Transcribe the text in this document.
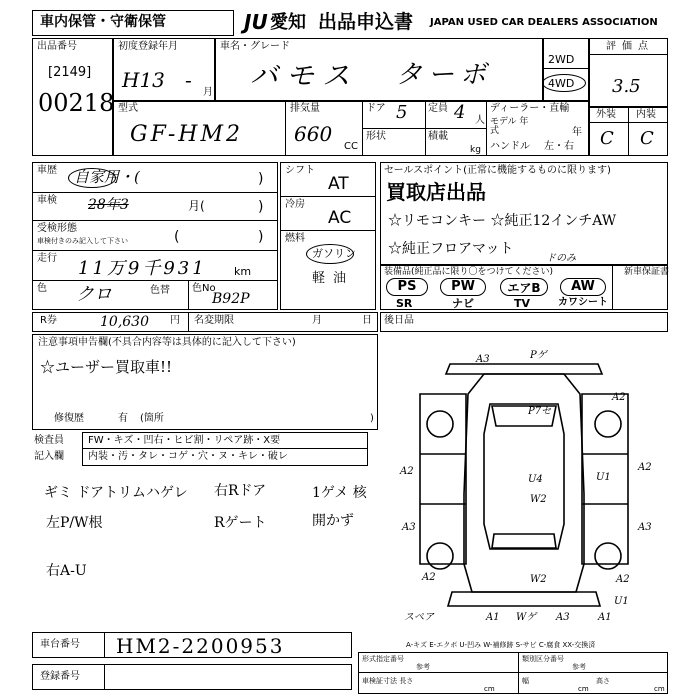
車内保管・守衛保管	JU 愛知 出品申込書 JAPAN USED CAR DEALERS ASSOCIATION
出品番号
[2149]
00218
初度登録年月
H13 -
月
車名・グレード
バモス ターボ
2WD
4WD
評価点
3.5
型式
GF-HM2
排気量
660
CC
ドア 5 定員 4 人
形状	積載
kg
ディーラー・直輸
モデル 年式	年
ハンドル 左・右
外装 内装
C C
車歴 自家用・(	)
車検 28年3	月(	)
受検形態
車検付きのみ記入して下さい	(	)
走行 11万9千931 km
色 クロ	色替 色No
B92P
シフト
AT
冷房
AC
燃料
ガソリン
軽油
セールスポイント(正常に機能するものに限ります)
買取店出品
☆リモコンキー ☆純正12インチAW
☆純正フロアマット
ドのみ
装備品(純正品に限り〇をつけてください)	新車保証書
PS	PW	エアB	AW
SR	ナビ	TV	カワシート
R券	10,630 円 名変期限	月	日 後日品
注意事項申告欄(不具合内容等は具体的に記入して下さい)
☆ユーザー買取車!!
修復歴	有 (箇所	)
検査員
記入欄
FW・キズ・凹右・ヒビ割・リペア跡・X要
内装・汚・タレ・コゲ・穴・ヌ・キレ・破レ
ギミ ドアトリムハゲレ 右Rドア	1ゲメ 核
左P/W根	Rゲート	開かず
右A-U
A3	Pゲ
P7セ
A2
U4
W2
U1
A2
A3
A2
A3
W2
A2
A1 Wゲ A3
A2
スペア
U1
A1
A-キズ E-エクボ U-凹み W-補修跡 S-サビ C-腐食 XX-交換済
車台番号 HM2-2200953
登録番号
形式指定番号
参考
類別区分番号
参考
車検証寸法 長さ
cm
幅
cm
高さ
cm
